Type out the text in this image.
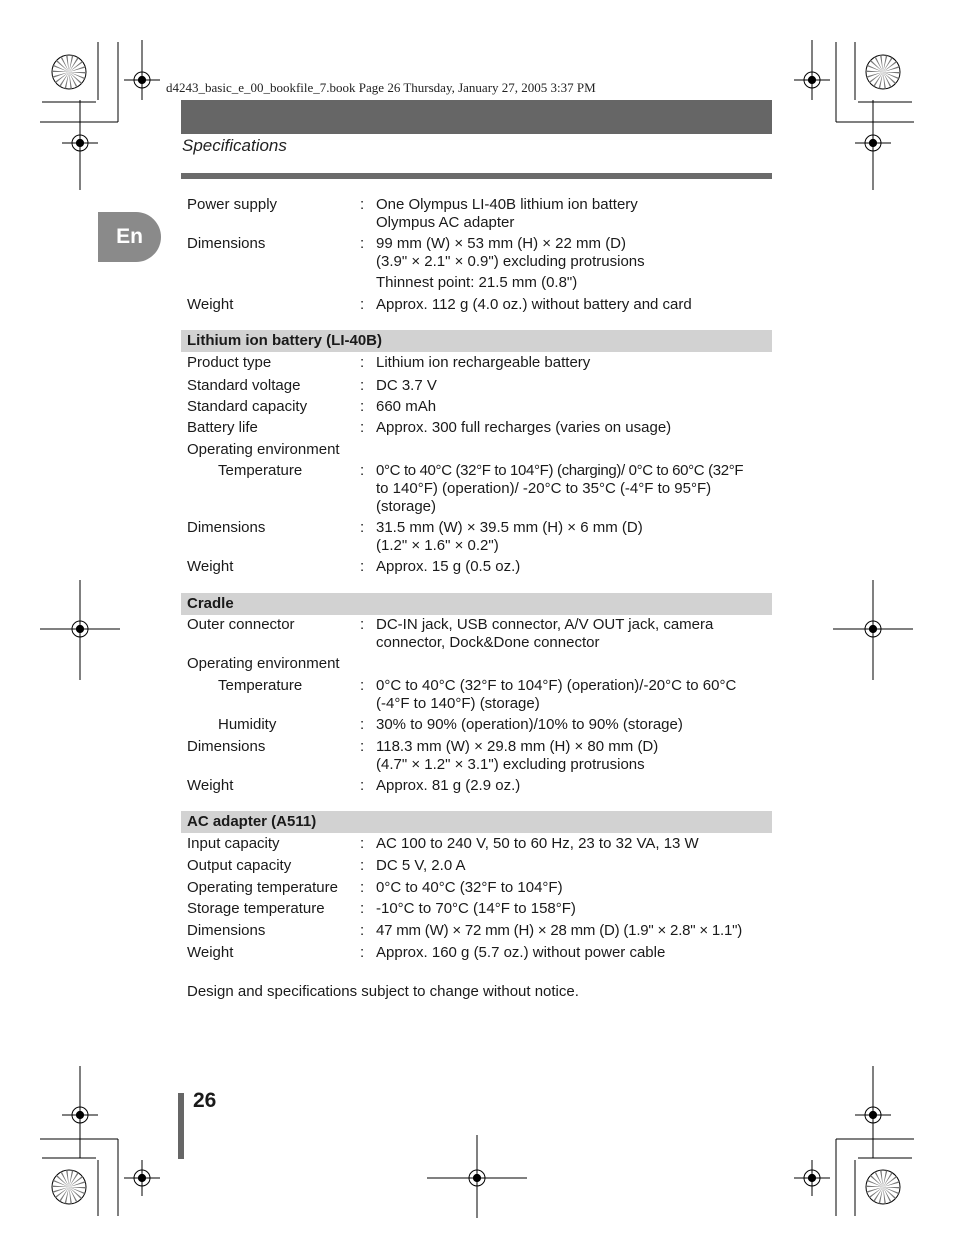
d4243_basic_e_00_bookfile_7.book Page 26 Thursday, January 27, 2005 3:37 PM
Specifications
En
Power supply	: One Olympus LI-40B lithium ion battery
Olympus AC adapter
Dimensions	: 99 mm (W) × 53 mm (H) × 22 mm (D)
(3.9" × 2.1" × 0.9") excluding protrusions
Thinnest point: 21.5 mm (0.8")
Weight	: Approx. 112 g (4.0 oz.) without battery and card
Lithium ion battery (LI-40B)
Product type	: Lithium ion rechargeable battery
Standard voltage	: DC 3.7 V
Standard capacity	: 660 mAh
Battery life	: Approx. 300 full recharges (varies on usage)
Operating environment
Temperature	: 0°C to 40°C (32°F to 104°F) (charging)/ 0°C to 60°C (32°F
to 140°F) (operation)/ -20°C to 35°C (-4°F to 95°F)
(storage)
Dimensions	: 31.5 mm (W) × 39.5 mm (H) × 6 mm (D)
(1.2" × 1.6" × 0.2")
Weight	: Approx. 15 g (0.5 oz.)
Cradle
Outer connector	: DC-IN jack, USB connector, A/V OUT jack, camera
connector, Dock&Done connector
Operating environment
Temperature	: 0°C to 40°C (32°F to 104°F) (operation)/-20°C to 60°C
(-4°F to 140°F) (storage)
Humidity	: 30% to 90% (operation)/10% to 90% (storage)
Dimensions	: 118.3 mm (W) × 29.8 mm (H) × 80 mm (D)
(4.7" × 1.2" × 3.1") excluding protrusions
Weight	: Approx. 81 g (2.9 oz.)
AC adapter (A511)
Input capacity	: AC 100 to 240 V, 50 to 60 Hz, 23 to 32 VA, 13 W
Output capacity	: DC 5 V, 2.0 A
Operating temperature : 0°C to 40°C (32°F to 104°F)
Storage temperature : -10°C to 70°C (14°F to 158°F)
Dimensions	: 47 mm (W) × 72 mm (H) × 28 mm (D) (1.9" × 2.8" × 1.1")
Weight	: Approx. 160 g (5.7 oz.) without power cable
Design and specifications subject to change without notice.
26
